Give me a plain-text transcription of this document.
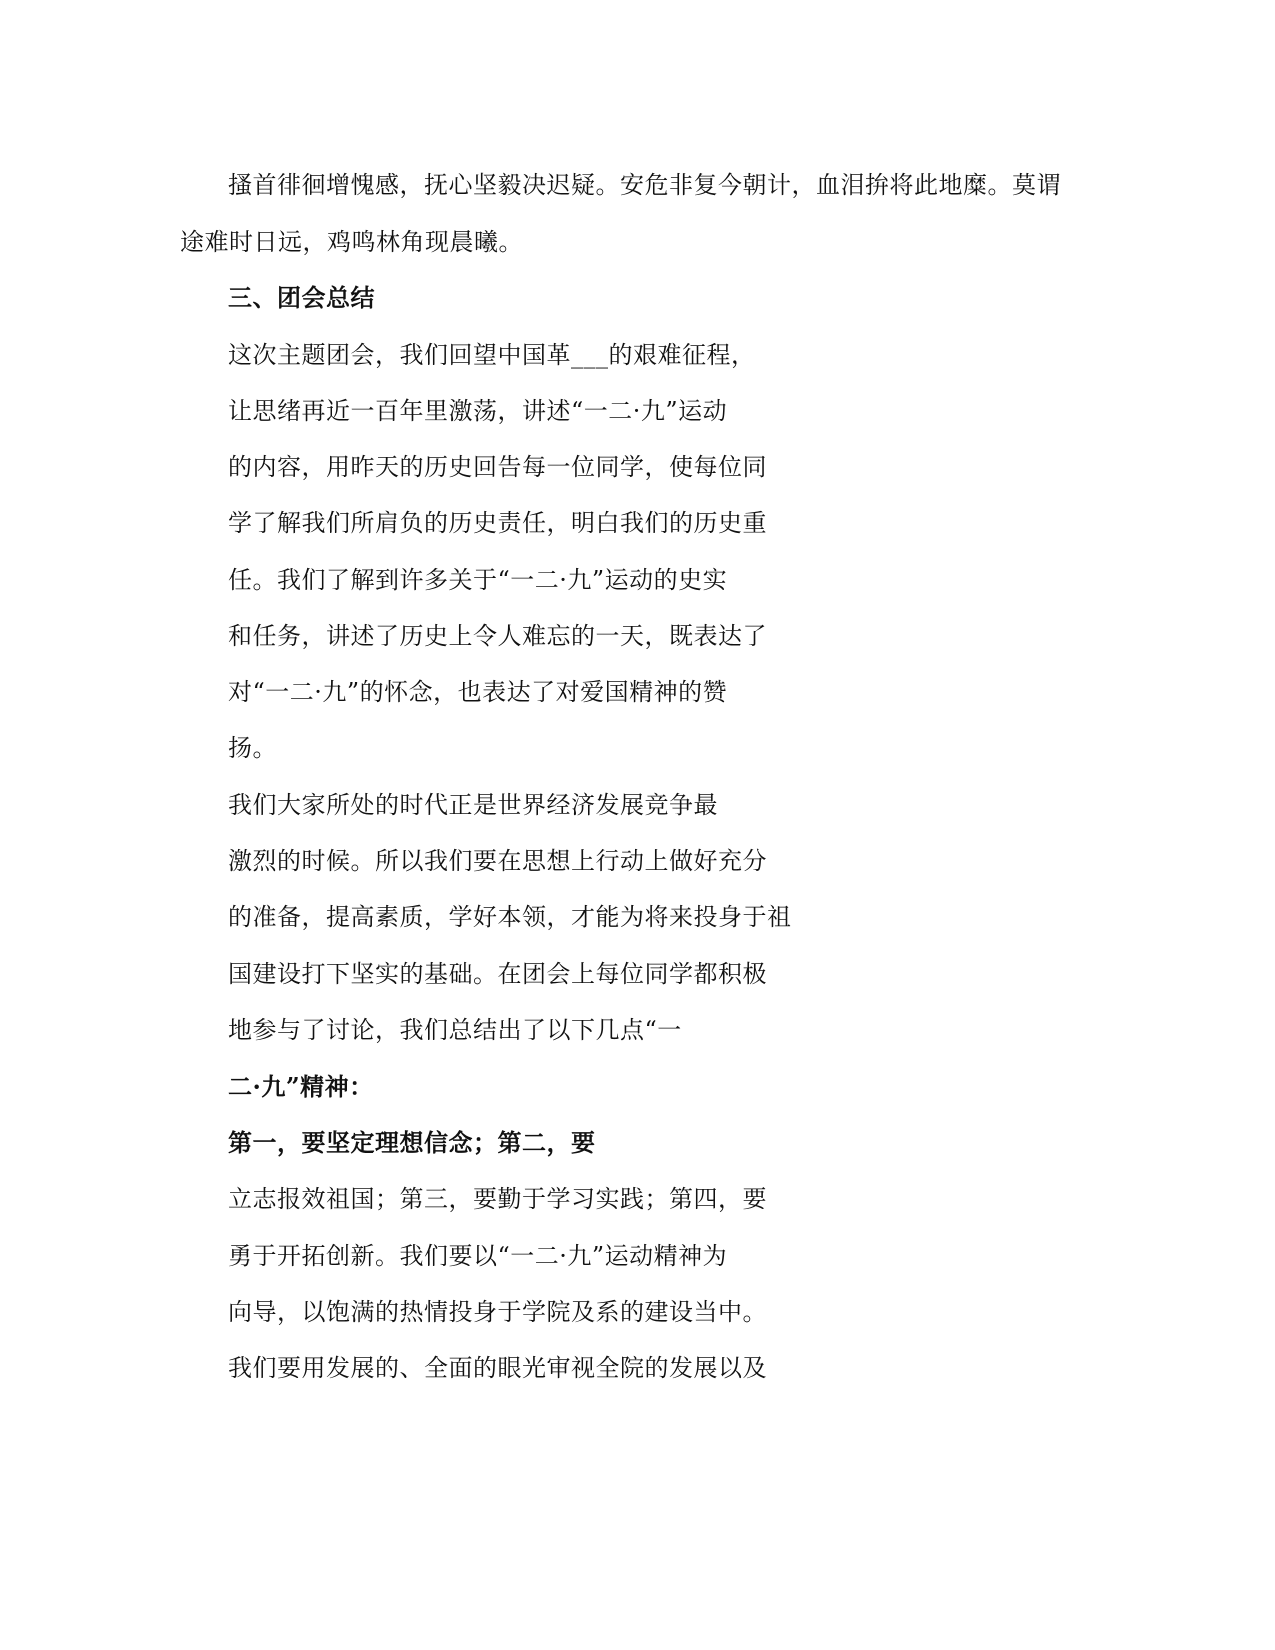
搔首徘徊增愧感，抚心坚毅决迟疑。安危非复今朝计，血泪拚将此地糜。莫谓
途难时日远，鸡鸣林角现晨曦。
三、团会总结
这次主题团会，我们回望中国革___的艰难征程，
让思绪再近一百年里激荡，讲述“一二·九”运动
的内容，用昨天的历史回告每一位同学，使每位同
学了解我们所肩负的历史责任，明白我们的历史重
任。我们了解到许多关于“一二·九”运动的史实
和任务，讲述了历史上令人难忘的一天，既表达了
对“一二·九”的怀念，也表达了对爱国精神的赞
扬。
我们大家所处的时代正是世界经济发展竞争最
激烈的时候。所以我们要在思想上行动上做好充分
的准备，提高素质，学好本领，才能为将来投身于祖
国建设打下坚实的基础。在团会上每位同学都积极
地参与了讨论，我们总结出了以下几点“一
二·九”精神：
第一，要坚定理想信念；第二，要
立志报效祖国；第三，要勤于学习实践；第四，要
勇于开拓创新。我们要以“一二·九”运动精神为
向导，以饱满的热情投身于学院及系的建设当中。
我们要用发展的、全面的眼光审视全院的发展以及
